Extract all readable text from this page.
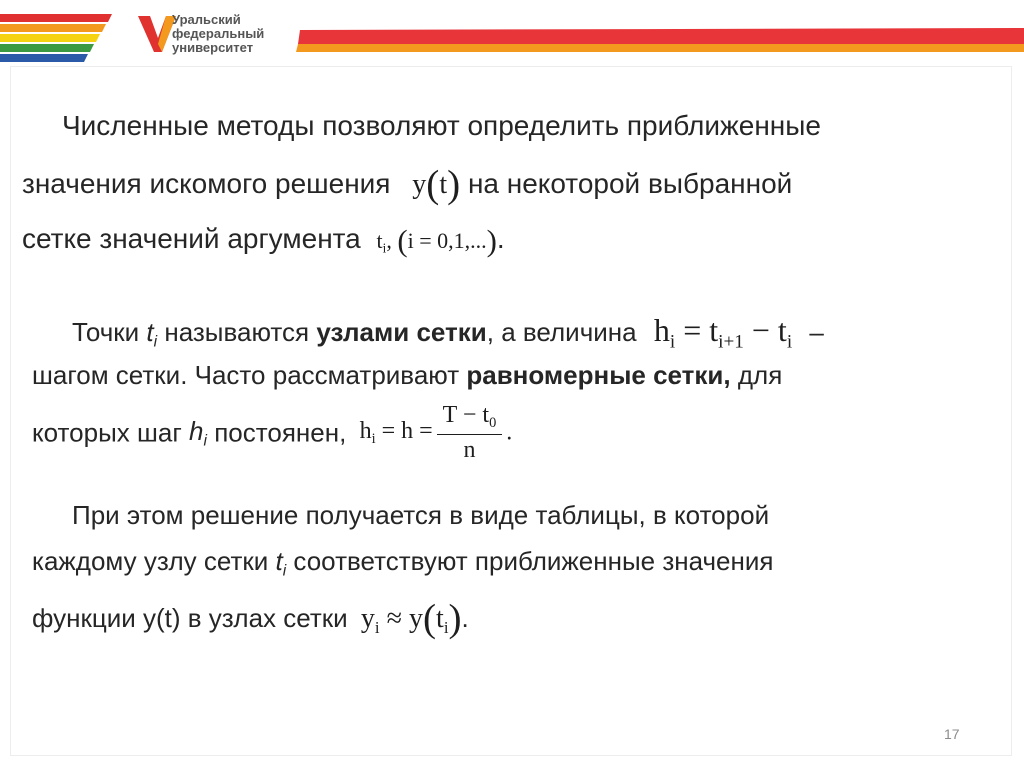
Уральский
федеральный
университет
Численные методы позволяют определить приближенные
значения искомого решения y(t) на некоторой выбранной
сетке значений аргумента $t_i$, (i = 0,1,...).
Точки $t_i$ называются узлами сетки, а величина $h_i = t_{i+1} - t_i$ –
шагом сетки. Часто рассматривают равномерные сетки, для
которых шаг $h_i$ постоянен, $h_i = h = \frac{T - t_0}{n}$ .
При этом решение получается в виде таблицы, в которой
каждому узлу сетки $t_i$ соответствуют приближенные значения
функции y(t) в узлах сетки $y_i \approx y(t_i)$.
17
